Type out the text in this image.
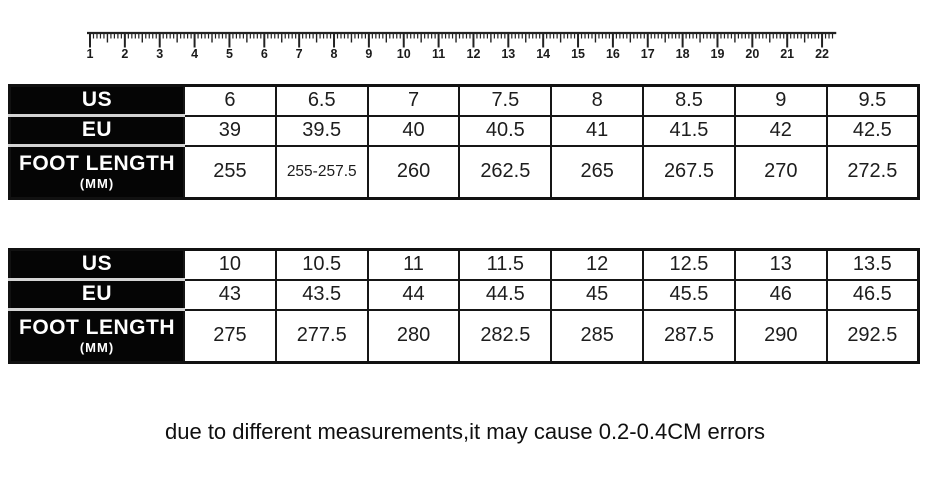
1 2 3 4 5 6 7 8 9 10 11 12 13 14 15 16 17 18 19 20 21 22
US	6	6.5	7	7.5	8	8.5	9	9.5

EU	39	39.5	40	40.5	41	41.5	42	42.5

FOOT LENGTH
(MM)	255	255-257.5	260	262.5	265	267.5	270	272.5
US	10	10.5	11	11.5	12	12.5	13	13.5

EU	43	43.5	44	44.5	45	45.5	46	46.5

FOOT LENGTH
(MM)	275	277.5	280	282.5	285	287.5	290	292.5
due to different measurements,it may cause 0.2-0.4CM errors
